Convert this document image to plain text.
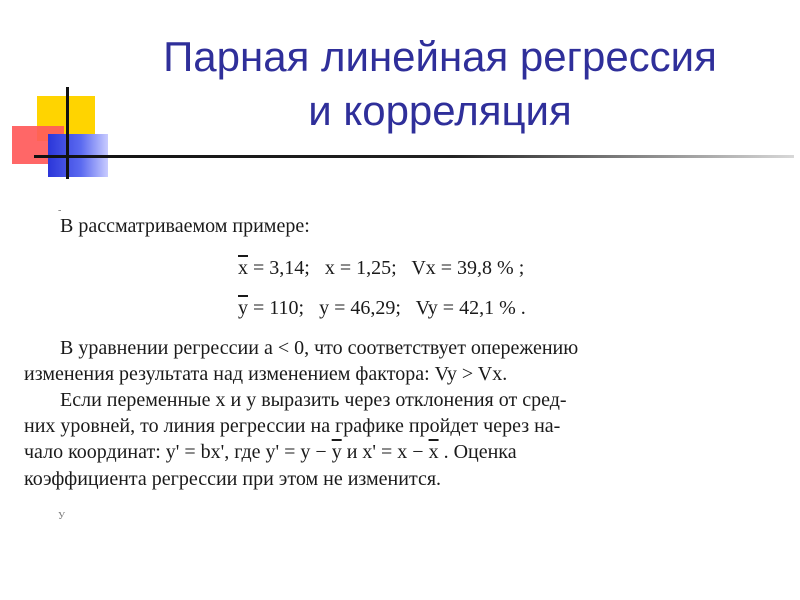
Парная линейная регрессия
и корреляция
-
В рассматриваемом примере:
$\overline{x} = 3,14$; x = 1,25; Vx = 39,8 % ;
$\overline{y} = 110$; y = 46,29; Vy = 42,1 % .
В уравнении регрессии a < 0, что соответствует опережению
изменения результата над изменением фактора: Vy > Vx.
Если переменные x и y выразить через отклонения от сред-
них уровней, то линия регрессии на графике пройдет через на-
чало координат: y' = bx', где $y' = y - \overline{y}$ и $x' = x - \overline{x}$ . Оценка
коэффициента регрессии при этом не изменится.
У
